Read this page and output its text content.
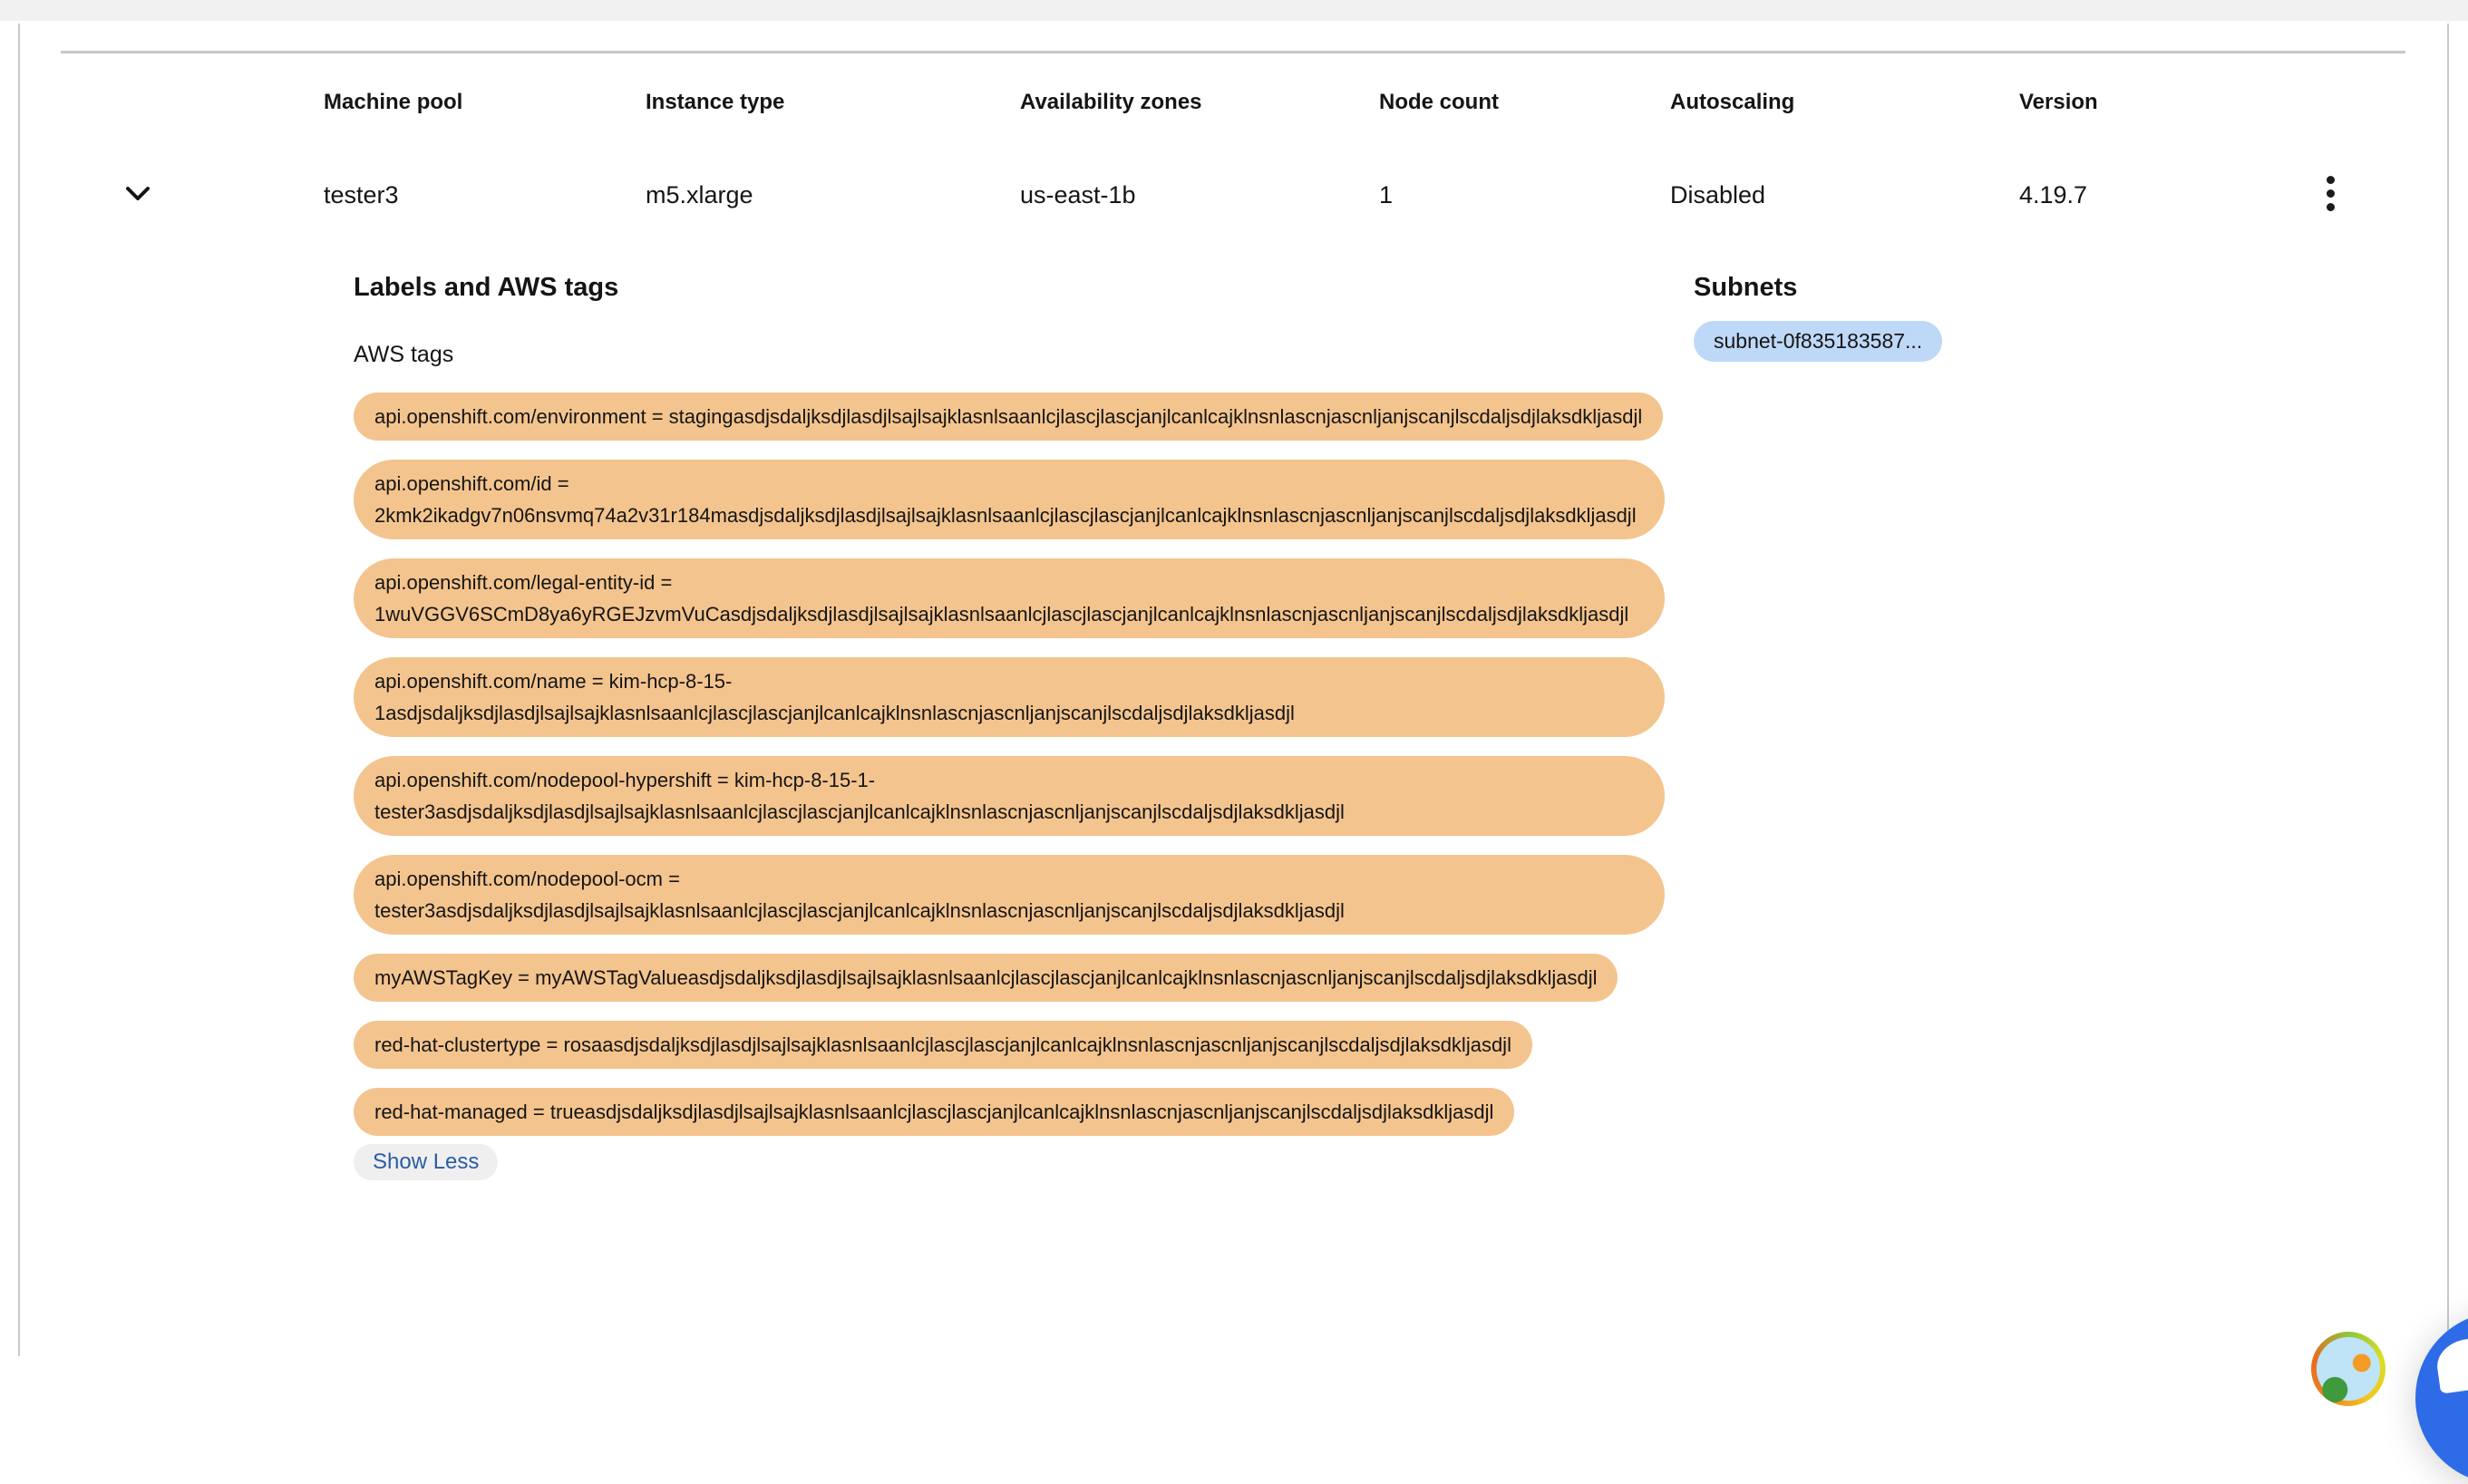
Machine pool	Instance type	Availability zones	Node count	Autoscaling	Version
tester3	m5.xlarge	us-east-1b	1	Disabled	4.19.7
Labels and AWS tags
AWS tags
api.openshift.com/environment = stagingasdjsdaljksdjlasdjlsajlsajklasnlsaanlcjlascjlascjanjlcanlcajklnsnlascnjascnljanjscanjlscdaljsdjlaksdkljasdjl
api.openshift.com/id = 2kmk2ikadgv7n06nsvmq74a2v31r184masdjsdaljksdjlasdjlsajlsajklasnlsaanlcjlascjlascjanjlcanlcajklnsnlascnjascnljanjscanjlscdaljsdjlaksdkljasdjl
api.openshift.com/legal-entity-id = 1wuVGGV6SCmD8ya6yRGEJzvmVuCasdjsdaljksdjlasdjlsajlsajklasnlsaanlcjlascjlascjanjlcanlcajklnsnlascnjascnljanjscanjlscdaljsdjlaksdkljasdjl
api.openshift.com/name = kim-hcp-8-15-1asdjsdaljksdjlasdjlsajlsajklasnlsaanlcjlascjlascjanjlcanlcajklnsnlascnjascnljanjscanjlscdaljsdjlaksdkljasdjl
api.openshift.com/nodepool-hypershift = kim-hcp-8-15-1-tester3asdjsdaljksdjlasdjlsajlsajklasnlsaanlcjlascjlascjanjlcanlcajklnsnlascnjascnljanjscanjlscdaljsdjlaksdkljasdjl
api.openshift.com/nodepool-ocm = tester3asdjsdaljksdjlasdjlsajlsajklasnlsaanlcjlascjlascjanjlcanlcajklnsnlascnjascnljanjscanjlscdaljsdjlaksdkljasdjl
myAWSTagKey = myAWSTagValueasdjsdaljksdjlasdjlsajlsajklasnlsaanlcjlascjlascjanjlcanlcajklnsnlascnjascnljanjscanjlscdaljsdjlaksdkljasdjl
red-hat-clustertype = rosaasdjsdaljksdjlasdjlsajlsajklasnlsaanlcjlascjlascjanjlcanlcajklnsnlascnjascnljanjscanjlscdaljsdjlaksdkljasdjl
red-hat-managed = trueasdjsdaljksdjlasdjlsajlsajklasnlsaanlcjlascjlascjanjlcanlcajklnsnlascnjascnljanjscanjlscdaljsdjlaksdkljasdjl
Show Less
Subnets
subnet-0f835183587...
